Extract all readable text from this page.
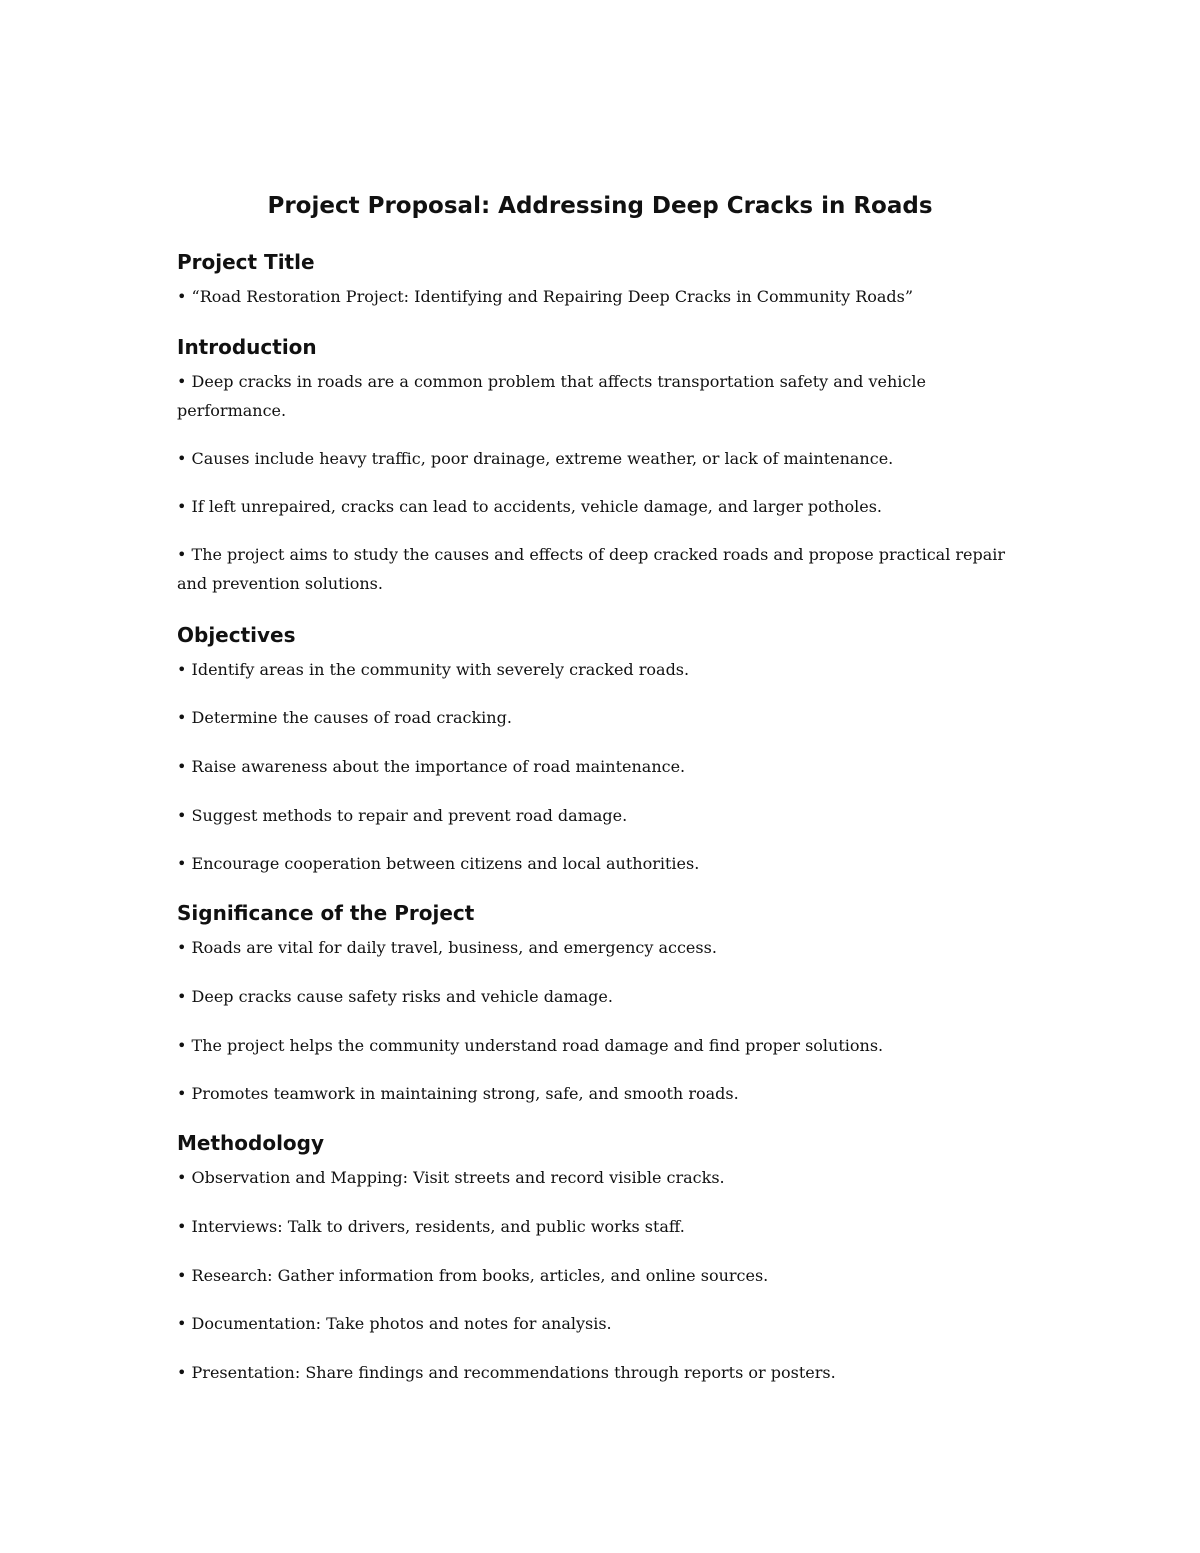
Project Proposal: Addressing Deep Cracks in Roads
Project Title

• “Road Restoration Project: Identifying and Repairing Deep Cracks in Community Roads”

Introduction

• Deep cracks in roads are a common problem that affects transportation safety and vehicle performance.

• Causes include heavy traffic, poor drainage, extreme weather, or lack of maintenance.

• If left unrepaired, cracks can lead to accidents, vehicle damage, and larger potholes.

• The project aims to study the causes and effects of deep cracked roads and propose practical repair and prevention solutions.

Objectives

• Identify areas in the community with severely cracked roads.

• Determine the causes of road cracking.

• Raise awareness about the importance of road maintenance.

• Suggest methods to repair and prevent road damage.

• Encourage cooperation between citizens and local authorities.

Significance of the Project

• Roads are vital for daily travel, business, and emergency access.

• Deep cracks cause safety risks and vehicle damage.

• The project helps the community understand road damage and find proper solutions.

• Promotes teamwork in maintaining strong, safe, and smooth roads.

Methodology

• Observation and Mapping: Visit streets and record visible cracks.

• Interviews: Talk to drivers, residents, and public works staff.

• Research: Gather information from books, articles, and online sources.

• Documentation: Take photos and notes for analysis.

• Presentation: Share findings and recommendations through reports or posters.
